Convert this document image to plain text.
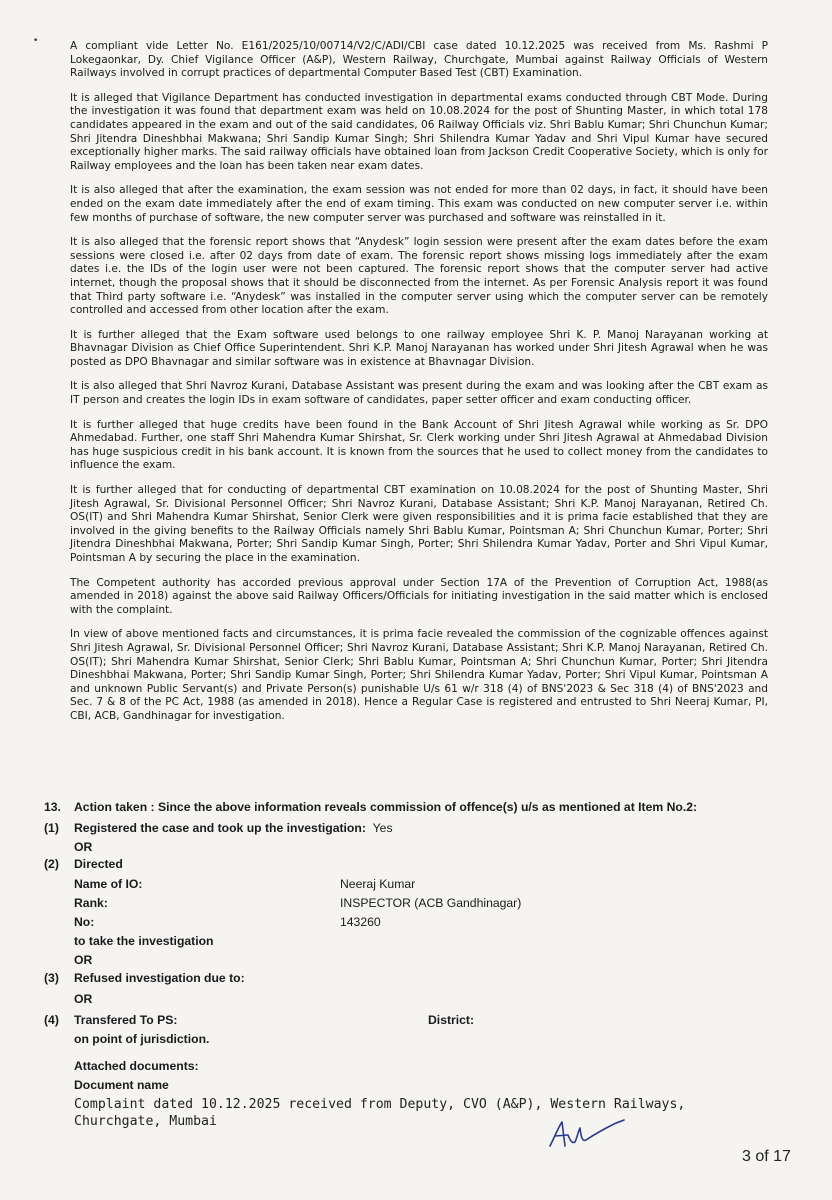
•	A compliant vide Letter No. E161/2025/10/00714/V2/C/ADI/CBI case dated 10.12.2025 was received from Ms. Rashmi P Lokegaonkar, Dy. Chief Vigilance Officer (A&P), Western Railway, Churchgate, Mumbai against Railway Officials of Western Railways involved in corrupt practices of departmental Computer Based Test (CBT) Examination.

It is alleged that Vigilance Department has conducted investigation in departmental exams conducted through CBT Mode. During the investigation it was found that department exam was held on 10.08.2024 for the post of Shunting Master, in which total 178 candidates appeared in the exam and out of the said candidates, 06 Railway Officials viz. Shri Bablu Kumar; Shri Chunchun Kumar; Shri Jitendra Dineshbhai Makwana; Shri Sandip Kumar Singh; Shri Shilendra Kumar Yadav and Shri Vipul Kumar have secured exceptionally higher marks. The said railway officials have obtained loan from Jackson Credit Cooperative Society, which is only for Railway employees and the loan has been taken near exam dates.

It is also alleged that after the examination, the exam session was not ended for more than 02 days, in fact, it should have been ended on the exam date immediately after the end of exam timing. This exam was conducted on new computer server i.e. within few months of purchase of software, the new computer server was purchased and software was reinstalled in it.

It is also alleged that the forensic report shows that “Anydesk” login session were present after the exam dates before the exam sessions were closed i.e. after 02 days from date of exam. The forensic report shows missing logs immediately after the exam dates i.e. the IDs of the login user were not been captured. The forensic report shows that the computer server had active internet, though the proposal shows that it should be disconnected from the internet. As per Forensic Analysis report it was found that Third party software i.e. “Anydesk” was installed in the computer server using which the computer server can be remotely controlled and accessed from other location after the exam.

It is further alleged that the Exam software used belongs to one railway employee Shri K. P. Manoj Narayanan working at Bhavnagar Division as Chief Office Superintendent. Shri K.P. Manoj Narayanan has worked under Shri Jitesh Agrawal when he was posted as DPO Bhavnagar and similar software was in existence at Bhavnagar Division.

It is also alleged that Shri Navroz Kurani, Database Assistant was present during the exam and was looking after the CBT exam as IT person and creates the login IDs in exam software of candidates, paper setter officer and exam conducting officer.

It is further alleged that huge credits have been found in the Bank Account of Shri Jitesh Agrawal while working as Sr. DPO Ahmedabad. Further, one staff Shri Mahendra Kumar Shirshat, Sr. Clerk working under Shri Jitesh Agrawal at Ahmedabad Division has huge suspicious credit in his bank account. It is known from the sources that he used to collect money from the candidates to influence the exam.

It is further alleged that for conducting of departmental CBT examination on 10.08.2024 for the post of Shunting Master, Shri Jitesh Agrawal, Sr. Divisional Personnel Officer; Shri Navroz Kurani, Database Assistant; Shri K.P. Manoj Narayanan, Retired Ch. OS(IT) and Shri Mahendra Kumar Shirshat, Senior Clerk were given responsibilities and it is prima facie established that they are involved in the giving benefits to the Railway Officials namely Shri Bablu Kumar, Pointsman A; Shri Chunchun Kumar, Porter; Shri Jitendra Dineshbhai Makwana, Porter; Shri Sandip Kumar Singh, Porter; Shri Shilendra Kumar Yadav, Porter and Shri Vipul Kumar, Pointsman A by securing the place in the examination.

The Competent authority has accorded previous approval under Section 17A of the Prevention of Corruption Act, 1988(as amended in 2018) against the above said Railway Officers/Officials for initiating investigation in the said matter which is enclosed with the complaint.

In view of above mentioned facts and circumstances, it is prima facie revealed the commission of the cognizable offences against Shri Jitesh Agrawal, Sr. Divisional Personnel Officer; Shri Navroz Kurani, Database Assistant; Shri K.P. Manoj Narayanan, Retired Ch. OS(IT); Shri Mahendra Kumar Shirshat, Senior Clerk; Shri Bablu Kumar, Pointsman A; Shri Chunchun Kumar, Porter; Shri Jitendra Dineshbhai Makwana, Porter; Shri Sandip Kumar Singh, Porter; Shri Shilendra Kumar Yadav, Porter; Shri Vipul Kumar, Pointsman A and unknown Public Servant(s) and Private Person(s) punishable U/s 61 w/r 318 (4) of BNS'2023 & Sec 318 (4) of BNS'2023 and Sec. 7 & 8 of the PC Act, 1988 (as amended in 2018). Hence a Regular Case is registered and entrusted to Shri Neeraj Kumar, PI, CBI, ACB, Gandhinagar for investigation.

13. Action taken : Since the above information reveals commission of offence(s) u/s as mentioned at Item No.2:
(1) Registered the case and took up the investigation: Yes
OR
(2) Directed
Name of IO:	Neeraj Kumar
Rank:	INSPECTOR (ACB Gandhinagar)
No:	143260
to take the investigation
OR
(3) Refused investigation due to:
OR
(4) Transfered To PS:	District:
on point of jurisdiction.
Attached documents:
Document name
Complaint dated 10.12.2025 received from Deputy, CVO (A&P), Western Railways, Churchgate, Mumbai
3 of 17
